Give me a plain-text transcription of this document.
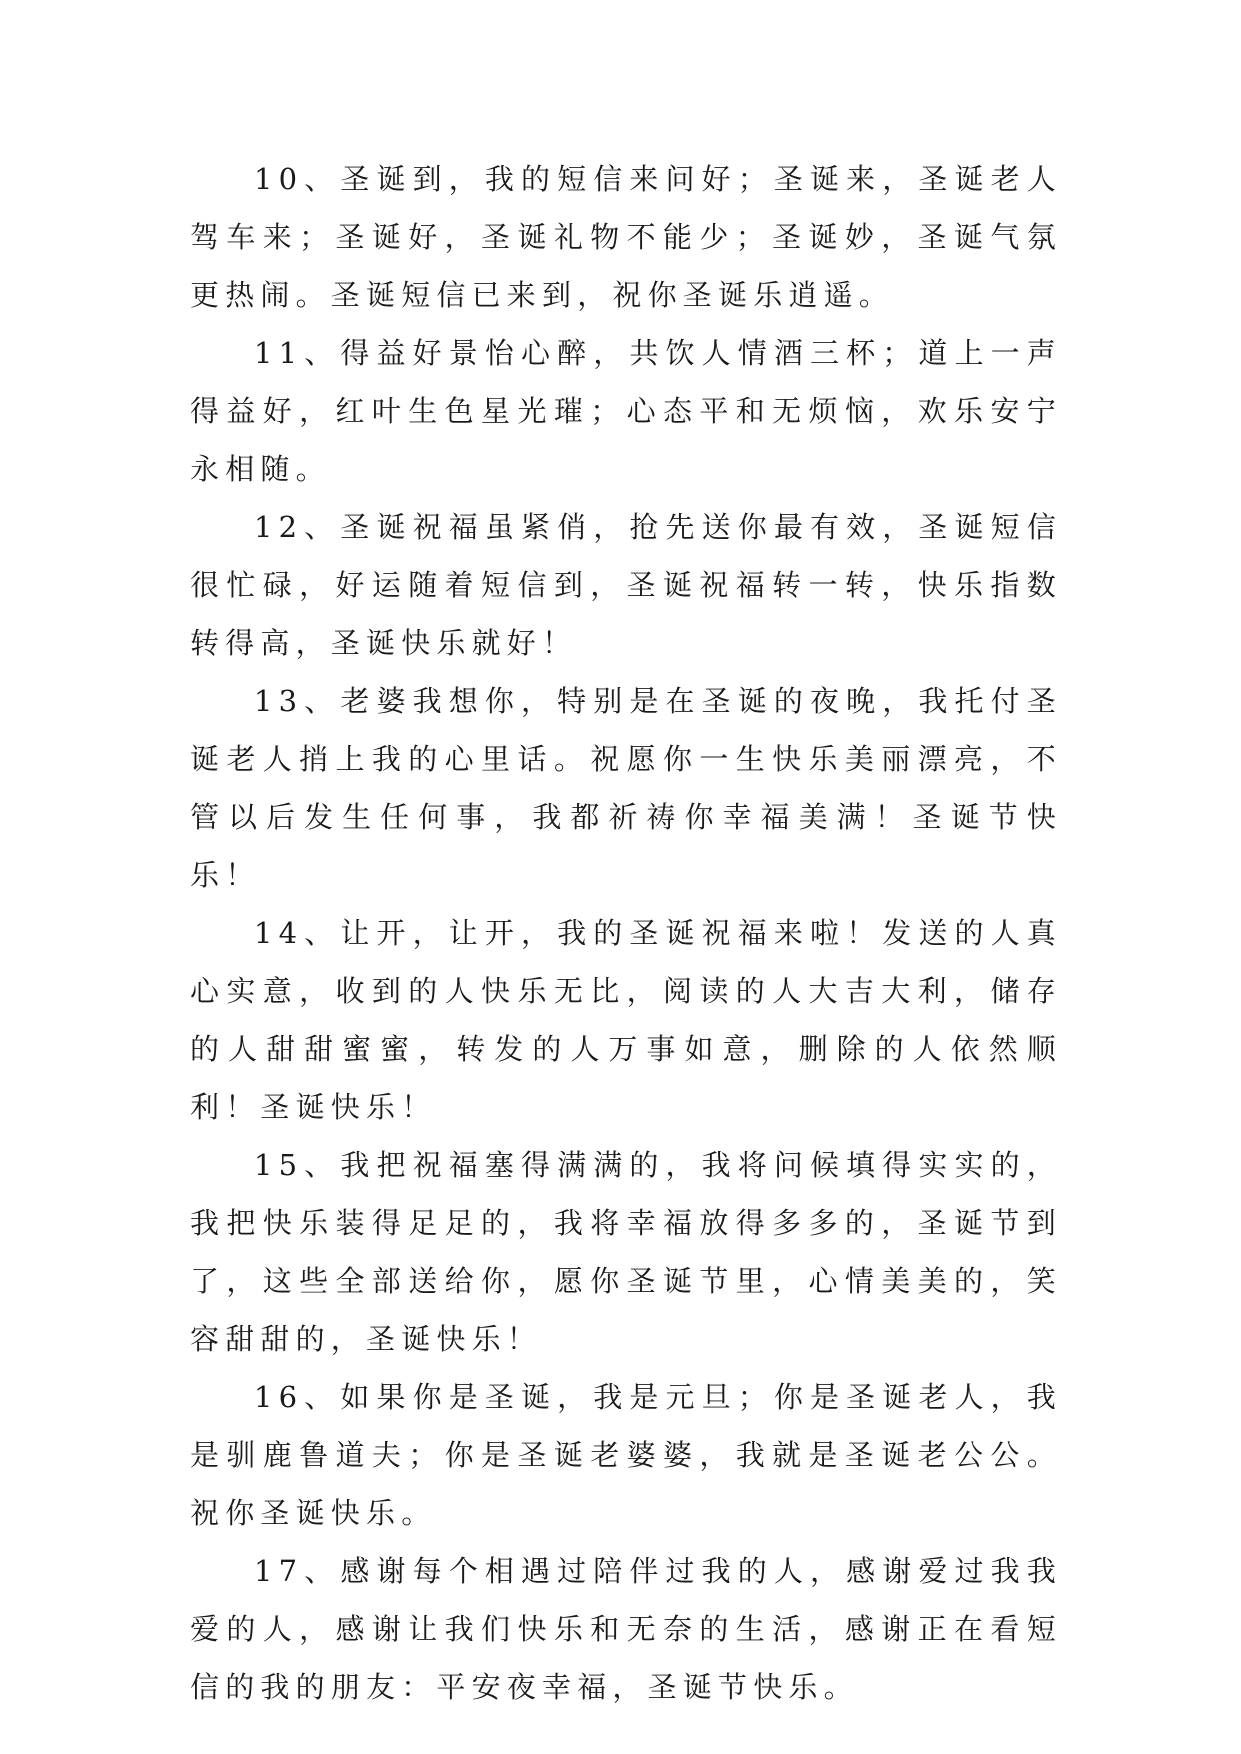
10、圣诞到，我的短信来问好；圣诞来，圣诞老人驾车来；圣诞好，圣诞礼物不能少；圣诞妙，圣诞气氛更热闹。圣诞短信已来到，祝你圣诞乐逍遥。

11、得益好景怡心醉，共饮人情酒三杯；道上一声得益好，红叶生色星光璀；心态平和无烦恼，欢乐安宁永相随。

12、圣诞祝福虽紧俏，抢先送你最有效，圣诞短信很忙碌，好运随着短信到，圣诞祝福转一转，快乐指数转得高，圣诞快乐就好！

13、老婆我想你，特别是在圣诞的夜晚，我托付圣诞老人捎上我的心里话。祝愿你一生快乐美丽漂亮，不管以后发生任何事，我都祈祷你幸福美满！圣诞节快乐！

14、让开，让开，我的圣诞祝福来啦！发送的人真心实意，收到的人快乐无比，阅读的人大吉大利，储存的人甜甜蜜蜜，转发的人万事如意，删除的人依然顺利！圣诞快乐！

15、我把祝福塞得满满的，我将问候填得实实的，我把快乐装得足足的，我将幸福放得多多的，圣诞节到了，这些全部送给你，愿你圣诞节里，心情美美的，笑容甜甜的，圣诞快乐！

16、如果你是圣诞，我是元旦；你是圣诞老人，我是驯鹿鲁道夫；你是圣诞老婆婆，我就是圣诞老公公。祝你圣诞快乐。

17、感谢每个相遇过陪伴过我的人，感谢爱过我我爱的人，感谢让我们快乐和无奈的生活，感谢正在看短信的我的朋友：平安夜幸福，圣诞节快乐。
